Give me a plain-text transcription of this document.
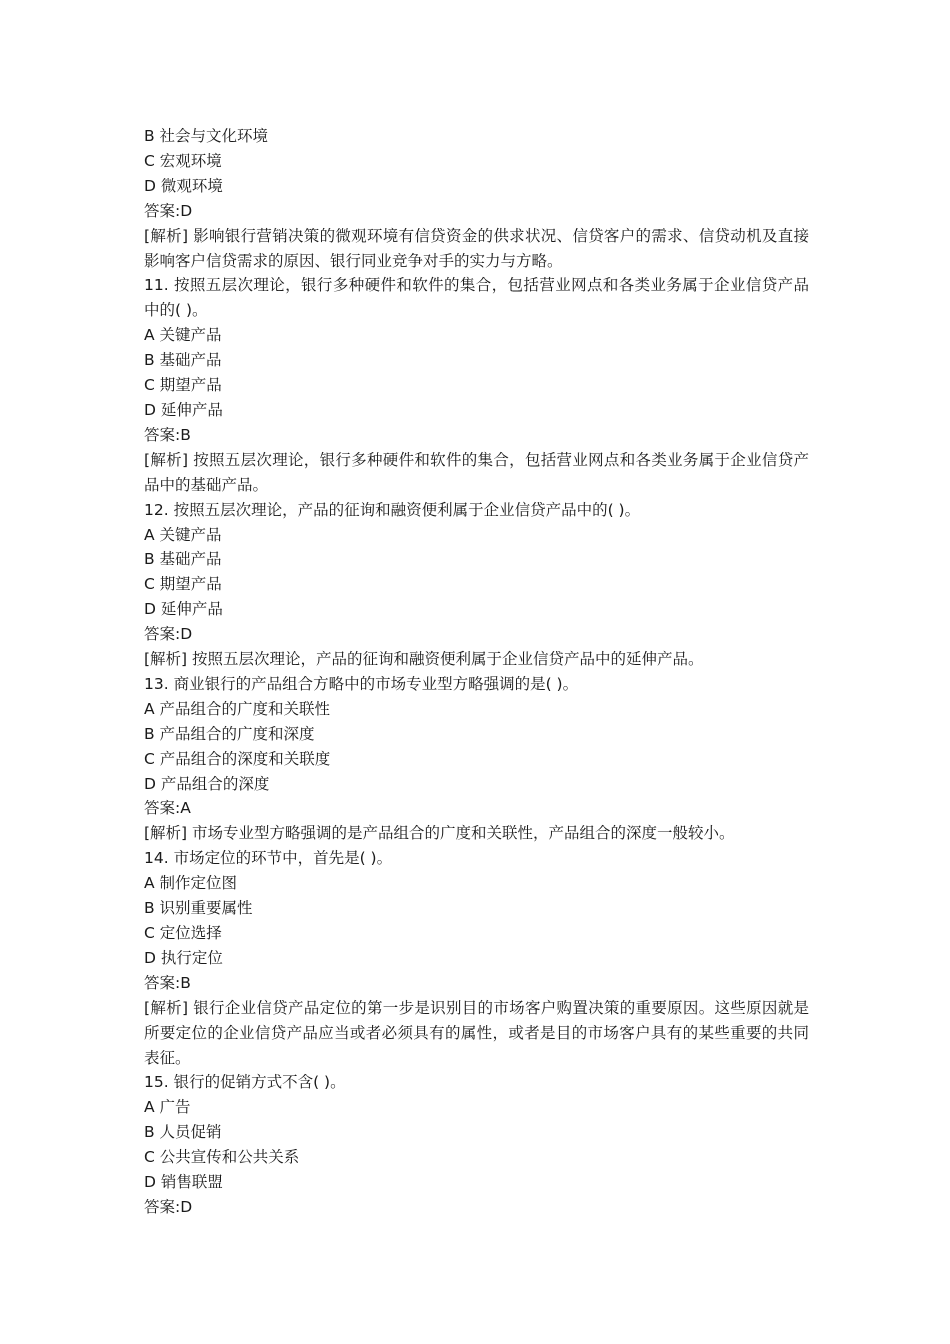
B 社会与文化环境
C 宏观环境
D 微观环境
答案:D
[解析] 影响银行营销决策的微观环境有信贷资金的供求状况、信贷客户的需求、信贷动机及直接影响客户信贷需求的原因、银行同业竞争对手的实力与方略。
11. 按照五层次理论，银行多种硬件和软件的集合，包括营业网点和各类业务属于企业信贷产品中的( )。
A 关键产品
B 基础产品
C 期望产品
D 延伸产品
答案:B
[解析] 按照五层次理论，银行多种硬件和软件的集合，包括营业网点和各类业务属于企业信贷产品中的基础产品。
12. 按照五层次理论，产品的征询和融资便利属于企业信贷产品中的( )。
A 关键产品
B 基础产品
C 期望产品
D 延伸产品
答案:D
[解析] 按照五层次理论，产品的征询和融资便利属于企业信贷产品中的延伸产品。
13. 商业银行的产品组合方略中的市场专业型方略强调的是( )。
A 产品组合的广度和关联性
B 产品组合的广度和深度
C 产品组合的深度和关联度
D 产品组合的深度
答案:A
[解析] 市场专业型方略强调的是产品组合的广度和关联性，产品组合的深度一般较小。
14. 市场定位的环节中，首先是( )。
A 制作定位图
B 识别重要属性
C 定位选择
D 执行定位
答案:B
[解析] 银行企业信贷产品定位的第一步是识别目的市场客户购置决策的重要原因。这些原因就是所要定位的企业信贷产品应当或者必须具有的属性，或者是目的市场客户具有的某些重要的共同表征。
15. 银行的促销方式不含( )。
A 广告
B 人员促销
C 公共宣传和公共关系
D 销售联盟
答案:D
